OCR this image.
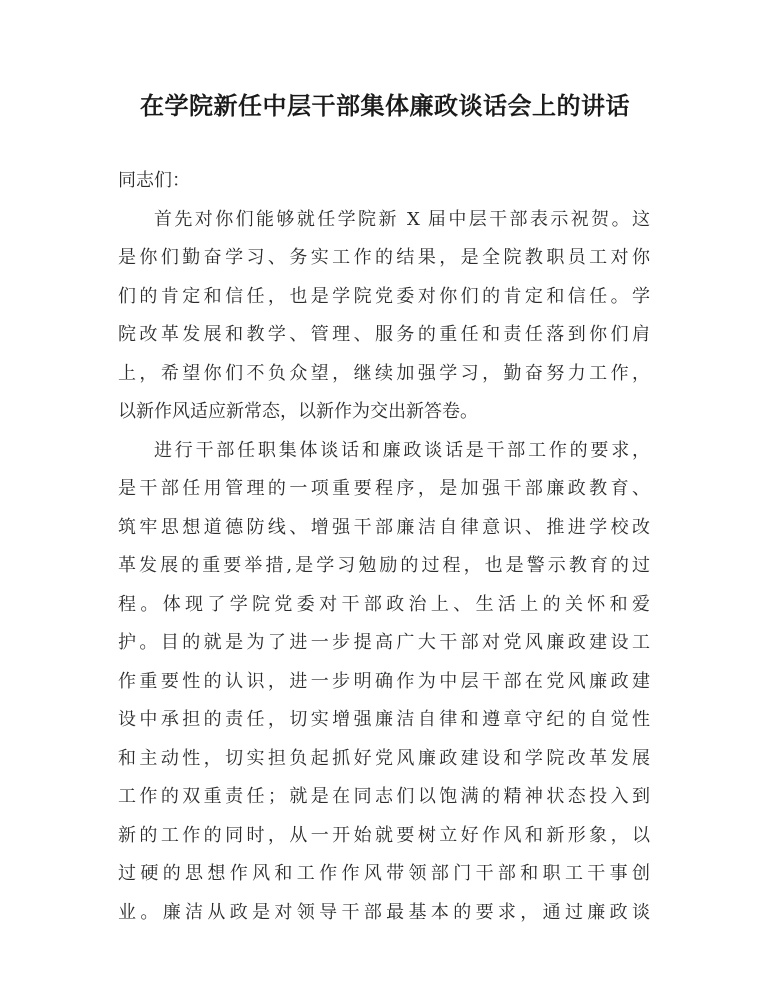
在学院新任中层干部集体廉政谈话会上的讲话
同志们：
首先对你们能够就任学院新 X 届中层干部表示祝贺。这
是你们勤奋学习、务实工作的结果，是全院教职员工对你
们的肯定和信任，也是学院党委对你们的肯定和信任。学
院改革发展和教学、管理、服务的重任和责任落到你们肩
上，希望你们不负众望，继续加强学习，勤奋努力工作，
以新作风适应新常态，以新作为交出新答卷。
进行干部任职集体谈话和廉政谈话是干部工作的要求，
是干部任用管理的一项重要程序，是加强干部廉政教育、
筑牢思想道德防线、增强干部廉洁自律意识、推进学校改
革发展的重要举措,是学习勉励的过程，也是警示教育的过
程。体现了学院党委对干部政治上、生活上的关怀和爱
护。目的就是为了进一步提高广大干部对党风廉政建设工
作重要性的认识，进一步明确作为中层干部在党风廉政建
设中承担的责任，切实增强廉洁自律和遵章守纪的自觉性
和主动性，切实担负起抓好党风廉政建设和学院改革发展
工作的双重责任；就是在同志们以饱满的精神状态投入到
新的工作的同时，从一开始就要树立好作风和新形象，以
过硬的思想作风和工作作风带领部门干部和职工干事创
业。廉洁从政是对领导干部最基本的要求，通过廉政谈
